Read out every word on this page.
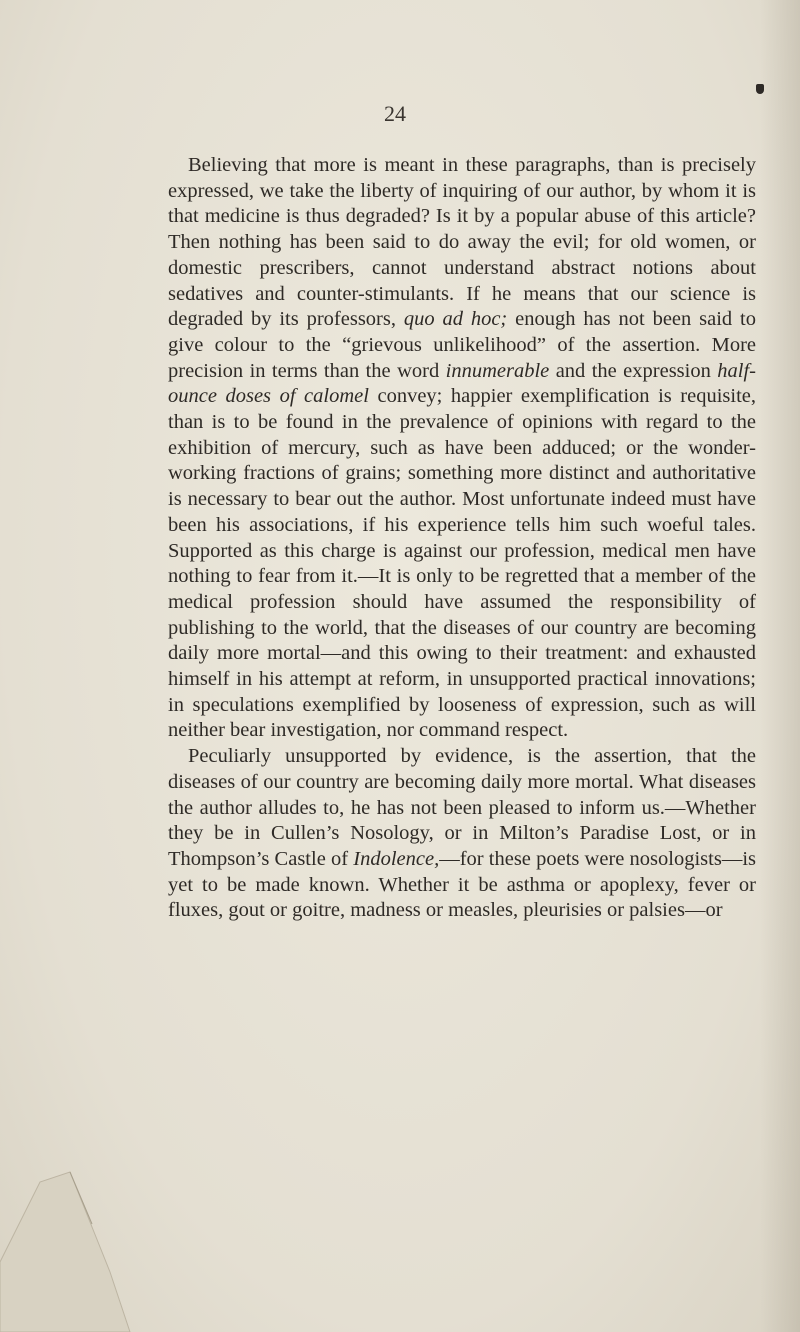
24

Believing that more is meant in these paragraphs, than is precisely expressed, we take the liberty of inquiring of our author, by whom it is that medicine is thus degraded? Is it by a popular abuse of this article? Then nothing has been said to do away the evil; for old women, or domestic prescribers, cannot understand abstract notions about sedatives and counter-stimulants. If he means that our science is degraded by its professors, quo ad hoc; enough has not been said to give colour to the “grievous unlikelihood” of the assertion. More precision in terms than the word innumerable and the expression half-ounce doses of calomel convey; happier exemplification is requisite, than is to be found in the prevalence of opinions with regard to the exhibition of mercury, such as have been adduced; or the wonder-working fractions of grains; something more distinct and authoritative is necessary to bear out the author. Most unfortunate indeed must have been his associations, if his experience tells him such woeful tales. Supported as this charge is against our profession, medical men have nothing to fear from it.—It is only to be regretted that a member of the medical profession should have assumed the responsibility of publishing to the world, that the diseases of our country are becoming daily more mortal—and this owing to their treatment: and exhausted himself in his attempt at reform, in unsupported practical innovations; in speculations exemplified by looseness of expression, such as will neither bear investigation, nor command respect.

Peculiarly unsupported by evidence, is the assertion, that the diseases of our country are becoming daily more mortal. What diseases the author alludes to, he has not been pleased to inform us.—Whether they be in Cullen’s Nosology, or in Milton’s Paradise Lost, or in Thompson’s Castle of Indolence,—for these poets were nosologists—is yet to be made known. Whether it be asthma or apoplexy, fever or fluxes, gout or goitre, madness or measles, pleurisies or palsies—or
